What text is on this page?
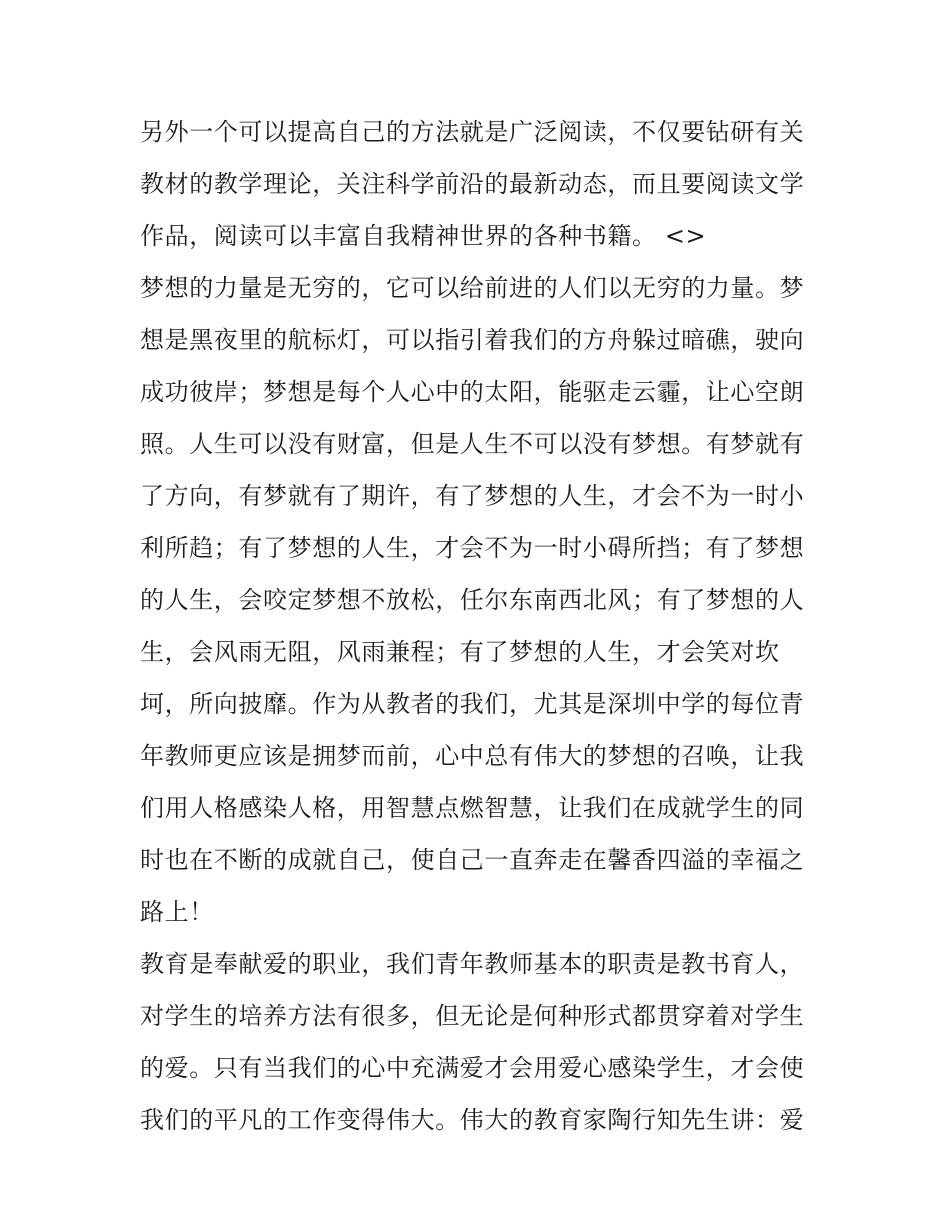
另外一个可以提高自己的方法就是广泛阅读，不仅要钻研有关
教材的教学理论，关注科学前沿的最新动态，而且要阅读文学
作品，阅读可以丰富自我精神世界的各种书籍。 <>
梦想的力量是无穷的，它可以给前进的人们以无穷的力量。梦
想是黑夜里的航标灯，可以指引着我们的方舟躲过暗礁，驶向
成功彼岸；梦想是每个人心中的太阳，能驱走云霾，让心空朗
照。人生可以没有财富，但是人生不可以没有梦想。有梦就有
了方向，有梦就有了期许，有了梦想的人生，才会不为一时小
利所趋；有了梦想的人生，才会不为一时小碍所挡；有了梦想
的人生，会咬定梦想不放松，任尔东南西北风；有了梦想的人
生，会风雨无阻，风雨兼程；有了梦想的人生，才会笑对坎
坷，所向披靡。作为从教者的我们，尤其是深圳中学的每位青
年教师更应该是拥梦而前，心中总有伟大的梦想的召唤，让我
们用人格感染人格，用智慧点燃智慧，让我们在成就学生的同
时也在不断的成就自己，使自己一直奔走在馨香四溢的幸福之
路上！
教育是奉献爱的职业，我们青年教师基本的职责是教书育人，
对学生的培养方法有很多，但无论是何种形式都贯穿着对学生
的爱。只有当我们的心中充满爱才会用爱心感染学生，才会使
我们的平凡的工作变得伟大。伟大的教育家陶行知先生讲：爱
